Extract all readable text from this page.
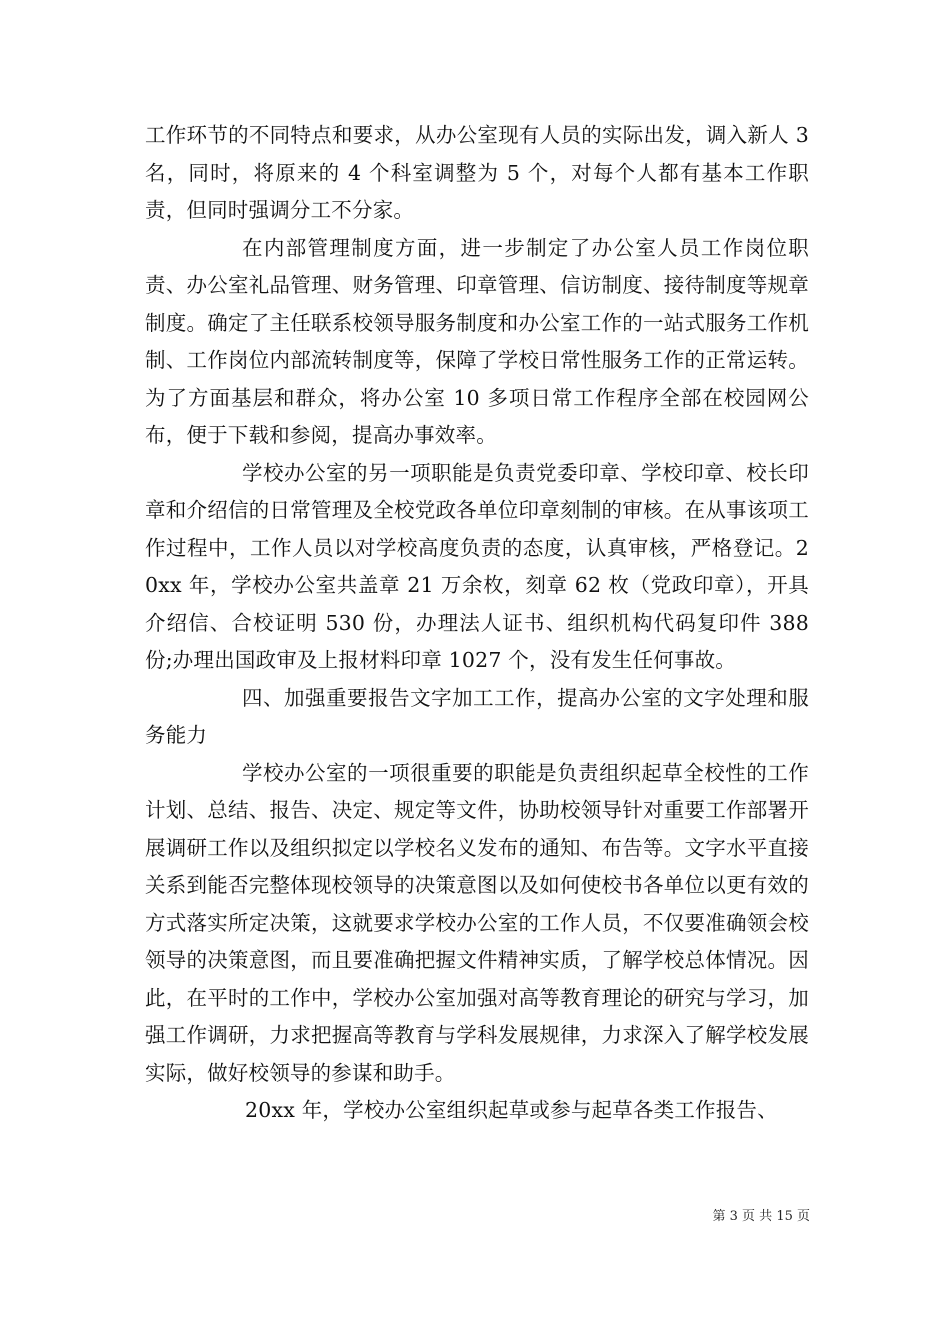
工作环节的不同特点和要求，从办公室现有人员的实际出发，调入新人 3 名，同时，将原来的 4 个科室调整为 5 个，对每个人都有基本工作职责，但同时强调分工不分家。

在内部管理制度方面，进一步制定了办公室人员工作岗位职责、办公室礼品管理、财务管理、印章管理、信访制度、接待制度等规章制度。确定了主任联系校领导服务制度和办公室工作的一站式服务工作机制、工作岗位内部流转制度等，保障了学校日常性服务工作的正常运转。为了方面基层和群众，将办公室 10 多项日常工作程序全部在校园网公布，便于下载和参阅，提高办事效率。

学校办公室的另一项职能是负责党委印章、学校印章、校长印章和介绍信的日常管理及全校党政各单位印章刻制的审核。在从事该项工作过程中，工作人员以对学校高度负责的态度，认真审核，严格登记。20xx 年，学校办公室共盖章 21 万余枚，刻章 62 枚（党政印章），开具介绍信、合校证明 530 份，办理法人证书、组织机构代码复印件 388 份;办理出国政审及上报材料印章 1027 个，没有发生任何事故。

四、加强重要报告文字加工工作，提高办公室的文字处理和服务能力

学校办公室的一项很重要的职能是负责组织起草全校性的工作计划、总结、报告、决定、规定等文件，协助校领导针对重要工作部署开展调研工作以及组织拟定以学校名义发布的通知、布告等。文字水平直接关系到能否完整体现校领导的决策意图以及如何使校书各单位以更有效的方式落实所定决策，这就要求学校办公室的工作人员，不仅要准确领会校领导的决策意图，而且要准确把握文件精神实质，了解学校总体情况。因此，在平时的工作中，学校办公室加强对高等教育理论的研究与学习，加强工作调研，力求把握高等教育与学科发展规律，力求深入了解学校发展实际，做好校领导的参谋和助手。

20xx 年，学校办公室组织起草或参与起草各类工作报告、

第 3 页 共 15 页
